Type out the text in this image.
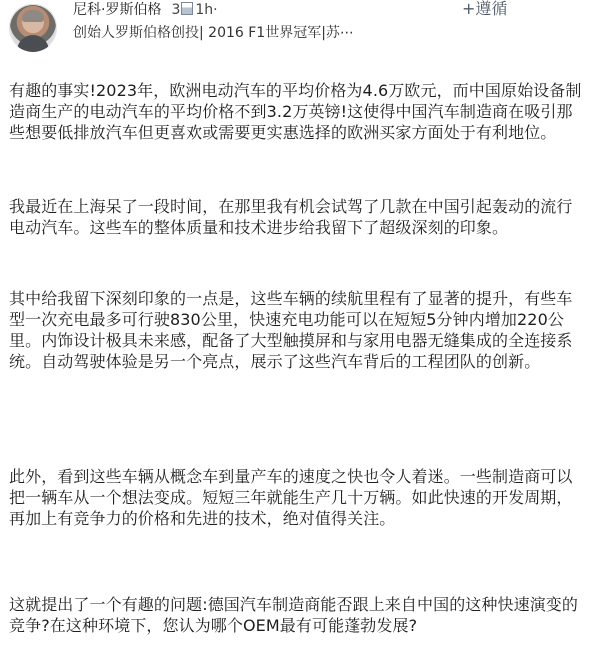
尼科·罗斯伯格 3	1h·	+遵循
创始人罗斯伯格创投| 2016 F1世界冠军|苏⋯
有趣的事实!2023年，欧洲电动汽车的平均价格为4.6万欧元，而中国原始设备制造商生产的电动汽车的平均价格不到3.2万英镑!这使得中国汽车制造商在吸引那些想要低排放汽车但更喜欢或需要更实惠选择的欧洲买家方面处于有利地位。
我最近在上海呆了一段时间，在那里我有机会试驾了几款在中国引起轰动的流行电动汽车。这些车的整体质量和技术进步给我留下了超级深刻的印象。
其中给我留下深刻印象的一点是，这些车辆的续航里程有了显著的提升，有些车型一次充电最多可行驶830公里，快速充电功能可以在短短5分钟内增加220公里。内饰设计极具未来感，配备了大型触摸屏和与家用电器无缝集成的全连接系统。自动驾驶体验是另一个亮点，展示了这些汽车背后的工程团队的创新。
此外，看到这些车辆从概念车到量产车的速度之快也令人着迷。一些制造商可以把一辆车从一个想法变成。短短三年就能生产几十万辆。如此快速的开发周期，再加上有竞争力的价格和先进的技术，绝对值得关注。
这就提出了一个有趣的问题:德国汽车制造商能否跟上来自中国的这种快速演变的竞争?在这种环境下，您认为哪个OEM最有可能蓬勃发展?
